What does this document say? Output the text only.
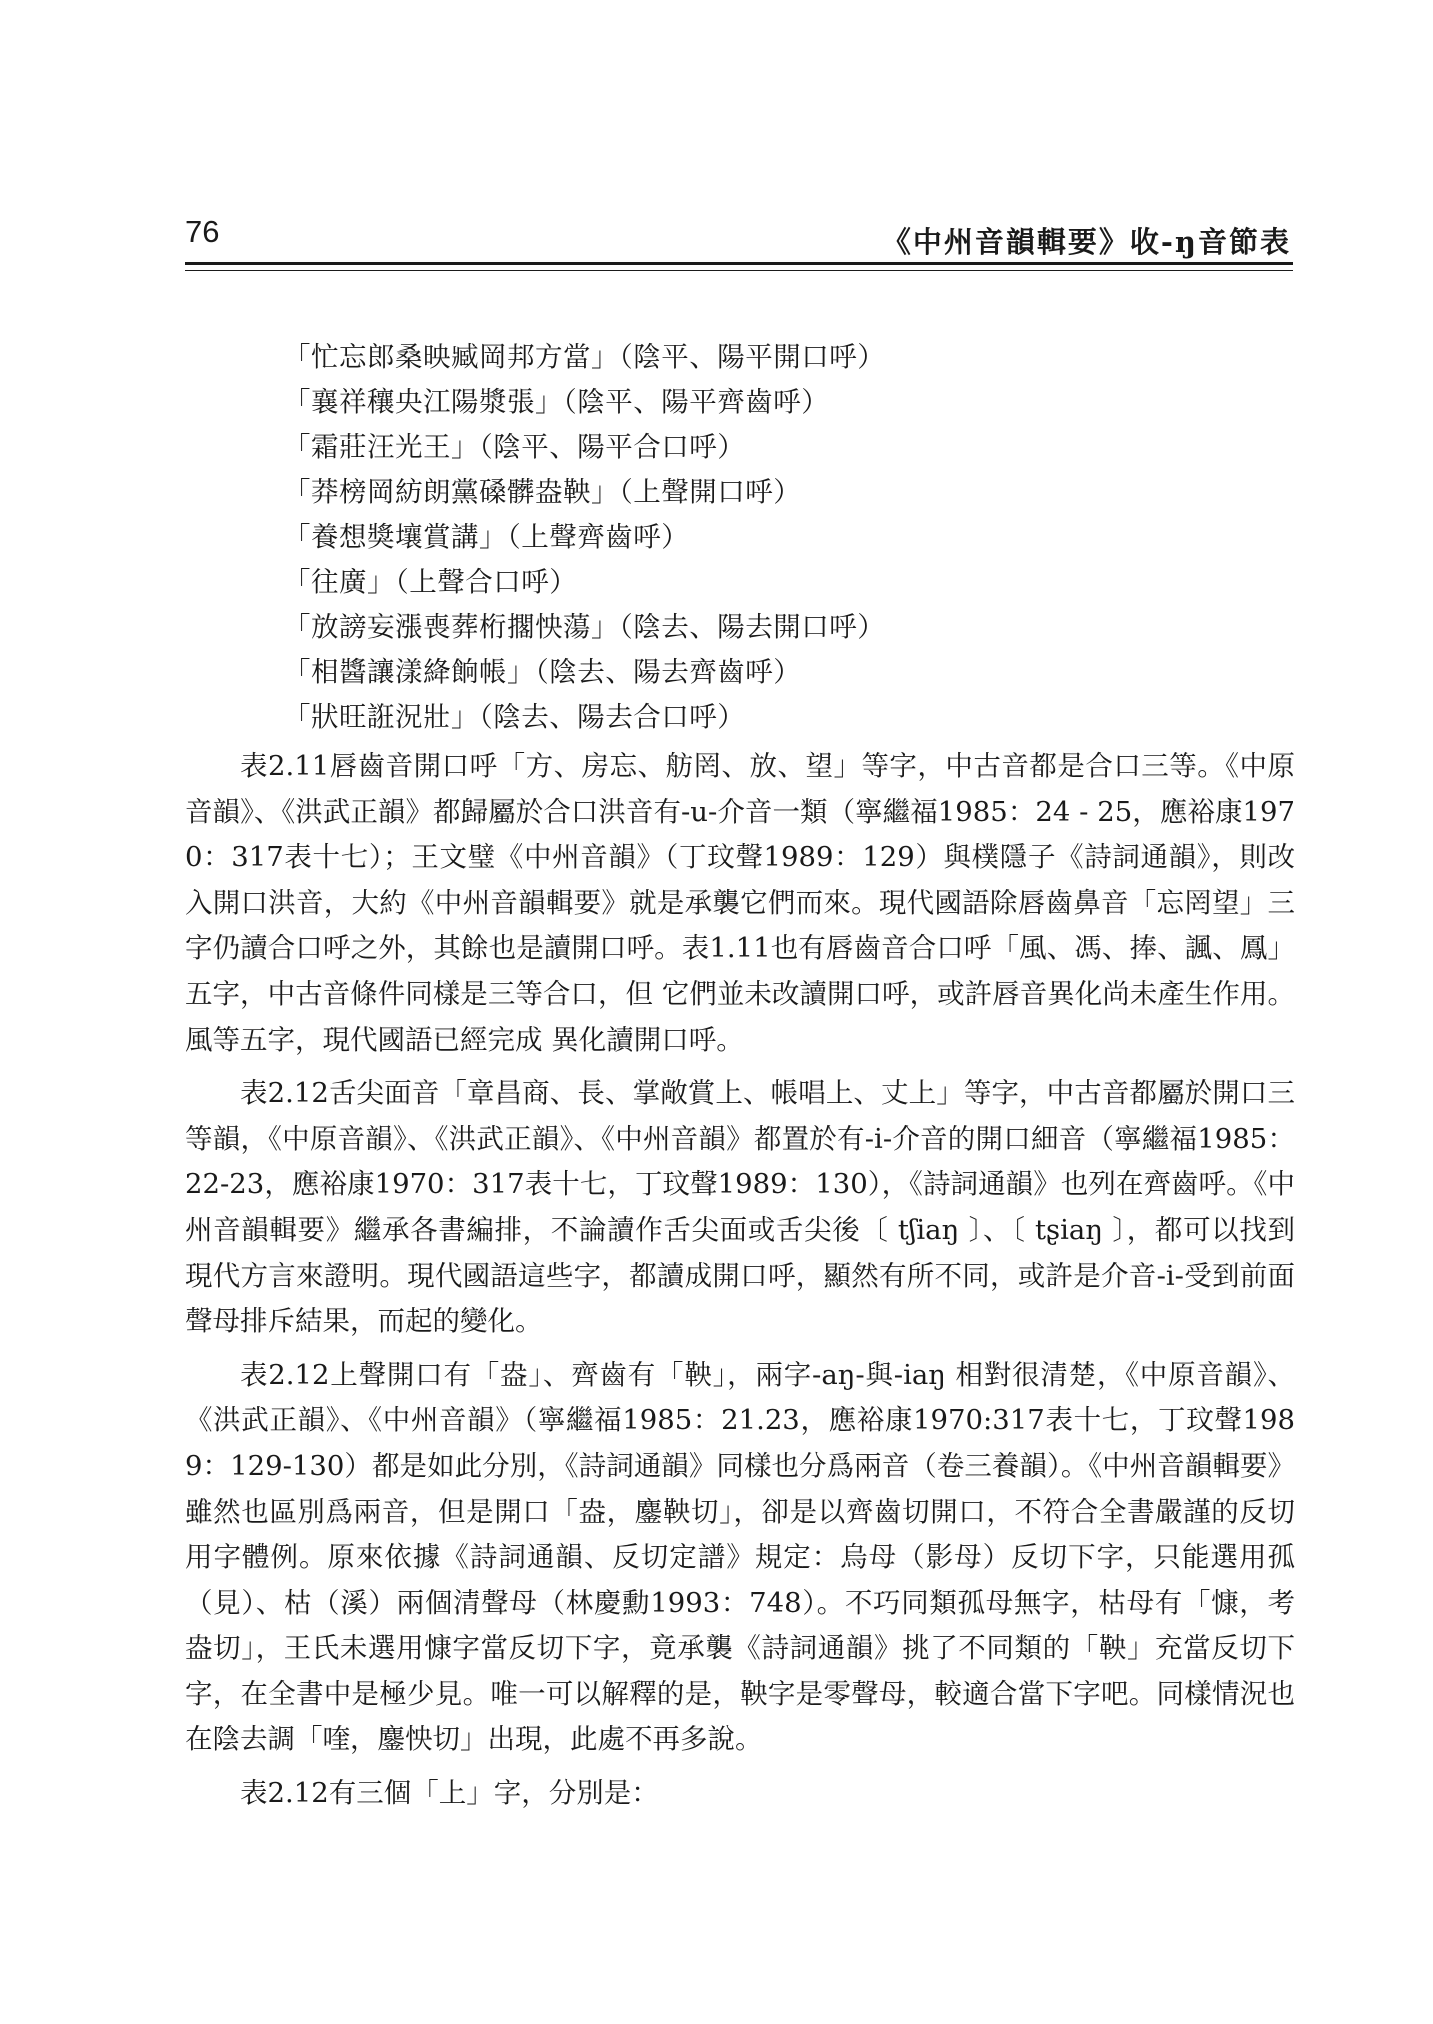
76	《中州音韻輯要》收-ŋ音節表
「忙忘郎桑映臧岡邦方當」（陰平、陽平開口呼）
「襄祥穰央江陽漿張」（陰平、陽平齊齒呼）
「霜莊汪光王」（陰平、陽平合口呼）
「莽榜岡紡朗黨磉髒盎鞅」（上聲開口呼）
「養想獎壤賞講」（上聲齊齒呼）
「往廣」（上聲合口呼）
「放謗妄漲喪葬桁擱怏蕩」（陰去、陽去開口呼）
「相醬讓漾絳餉帳」（陰去、陽去齊齒呼）
「狀旺誑況壯」（陰去、陽去合口呼）

表2.11唇齒音開口呼「方、房忘、舫罔、放、望」等字，中古音都是合口三等。《中原音韻》、《洪武正韻》都歸屬於合口洪音有-u-介音一類（寧繼福1985：24 - 25，應裕康1970：317表十七）；王文璧《中州音韻》（丁玟聲1989：129）與樸隱子《詩詞通韻》，則改入開口洪音，大約《中州音韻輯要》就是承襲它們而來。現代國語除唇齒鼻音「忘罔望」三字仍讀合口呼之外，其餘也是讀開口呼。表1.11也有唇齒音合口呼「風、馮、捧、諷、鳳」五字，中古音條件同樣是三等合口，但 它們並未改讀開口呼，或許唇音異化尚未產生作用。風等五字，現代國語已經完成 異化讀開口呼。

表2.12舌尖面音「章昌商、長、掌敞賞上、帳唱上、丈上」等字，中古音都屬於開口三等韻，《中原音韻》、《洪武正韻》、《中州音韻》都置於有-i-介音的開口細音（寧繼福1985：22-23，應裕康1970：317表十七，丁玟聲1989：130），《詩詞通韻》也列在齊齒呼。《中州音韻輯要》繼承各書編排，不論讀作舌尖面或舌尖後〔 tʃiaŋ 〕、〔 tʂiaŋ 〕，都可以找到現代方言來證明。現代國語這些字，都讀成開口呼，顯然有所不同，或許是介音-i-受到前面聲母排斥結果，而起的變化。

表2.12上聲開口有「盎」、齊齒有「鞅」，兩字-aŋ-與-iaŋ 相對很清楚，《中原音韻》、《洪武正韻》、《中州音韻》（寧繼福1985：21.23，應裕康1970:317表十七，丁玟聲1989：129-130）都是如此分別，《詩詞通韻》同樣也分爲兩音（卷三養韻）。《中州音韻輯要》雖然也區別爲兩音，但是開口「盎，鏖鞅切」，卻是以齊齒切開口，不符合全書嚴謹的反切用字體例。原來依據《詩詞通韻、反切定譜》規定：烏母（影母）反切下字，只能選用孤（見）、枯（溪）兩個清聲母（林慶勳1993：748）。不巧同類孤母無字，枯母有「慷，考盎切」，王氏未選用慷字當反切下字，竟承襲《詩詞通韻》挑了不同類的「鞅」充當反切下字，在全書中是極少見。唯一可以解釋的是，鞅字是零聲母，較適合當下字吧。同樣情況也在陰去調「喹，鏖怏切」出現，此處不再多說。

表2.12有三個「上」字，分別是：
